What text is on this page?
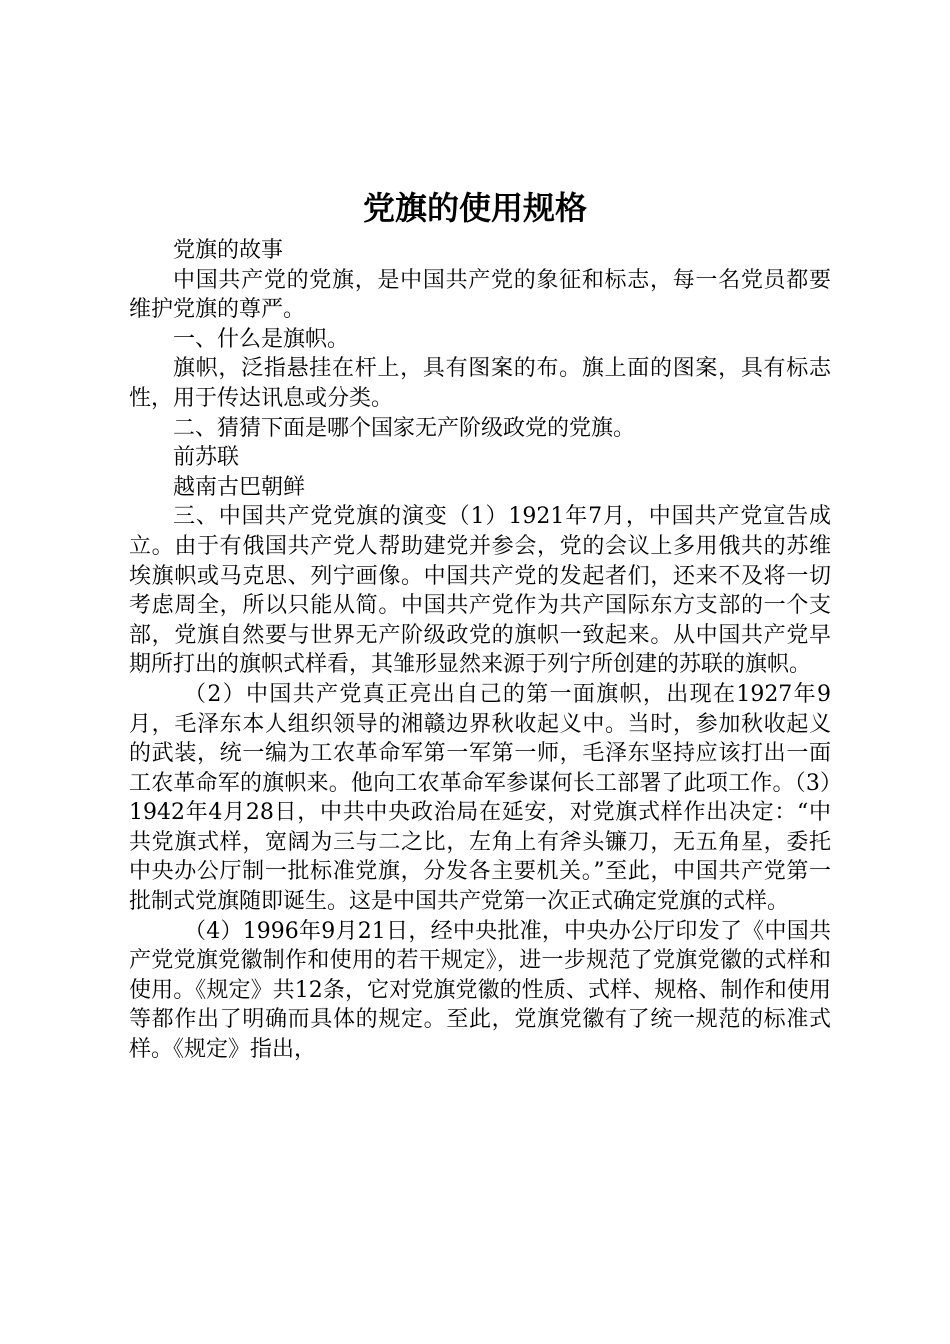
党旗的使用规格

党旗的故事

中国共产党的党旗，是中国共产党的象征和标志，每一名党员都要维护党旗的尊严。

一、什么是旗帜。

旗帜，泛指悬挂在杆上，具有图案的布。旗上面的图案，具有标志性，用于传达讯息或分类。

二、猜猜下面是哪个国家无产阶级政党的党旗。

前苏联

越南古巴朝鲜

三、中国共产党党旗的演变（1）1921年7月，中国共产党宣告成立。由于有俄国共产党人帮助建党并参会，党的会议上多用俄共的苏维埃旗帜或马克思、列宁画像。中国共产党的发起者们，还来不及将一切考虑周全，所以只能从简。中国共产党作为共产国际东方支部的一个支部，党旗自然要与世界无产阶级政党的旗帜一致起来。从中国共产党早期所打出的旗帜式样看，其雏形显然来源于列宁所创建的苏联的旗帜。

（2）中国共产党真正亮出自己的第一面旗帜，出现在1927年9月，毛泽东本人组织领导的湘赣边界秋收起义中。当时，参加秋收起义的武装，统一编为工农革命军第一军第一师，毛泽东坚持应该打出一面工农革命军的旗帜来。他向工农革命军参谋何长工部署了此项工作。（3）1942年4月28日，中共中央政治局在延安，对党旗式样作出决定：“中共党旗式样，宽阔为三与二之比，左角上有斧头镰刀，无五角星，委托中央办公厅制一批标准党旗，分发各主要机关。”至此，中国共产党第一批制式党旗随即诞生。这是中国共产党第一次正式确定党旗的式样。

（4）1996年9月21日，经中央批准，中央办公厅印发了《中国共产党党旗党徽制作和使用的若干规定》，进一步规范了党旗党徽的式样和使用。《规定》共12条，它对党旗党徽的性质、式样、规格、制作和使用等都作出了明确而具体的规定。至此，党旗党徽有了统一规范的标准式样。《规定》指出，
